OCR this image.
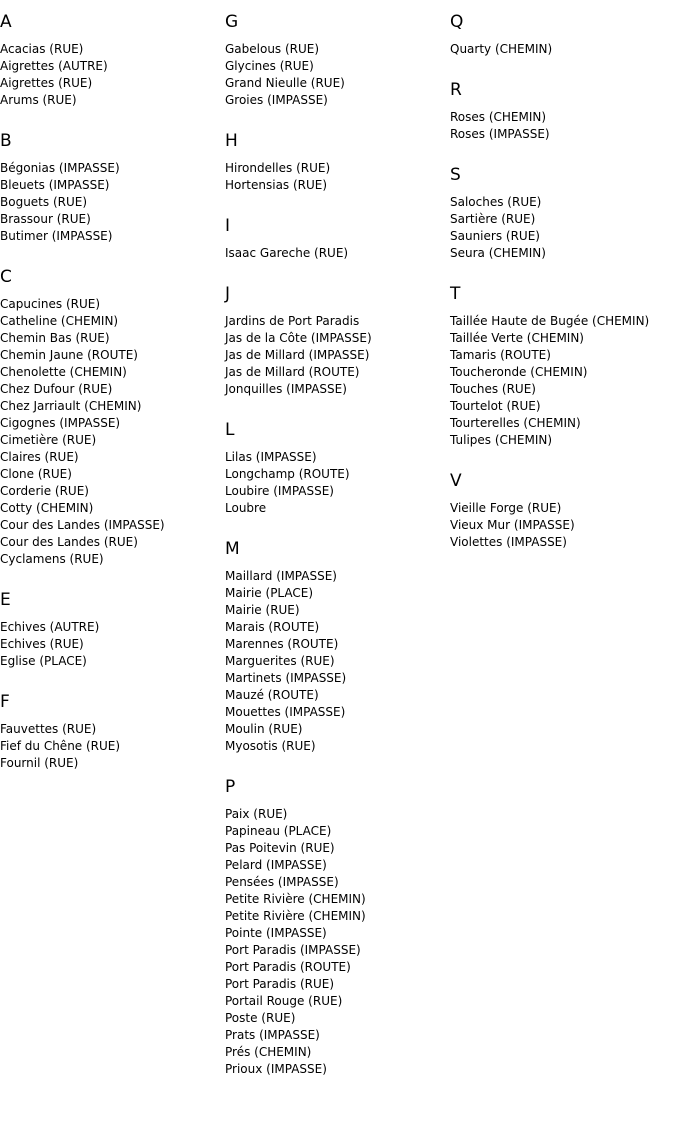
A
Acacias (RUE)
Aigrettes (AUTRE)
Aigrettes (RUE)
Arums (RUE)
B
Bégonias (IMPASSE)
Bleuets (IMPASSE)
Boguets (RUE)
Brassour (RUE)
Butimer (IMPASSE)
C
Capucines (RUE)
Catheline (CHEMIN)
Chemin Bas (RUE)
Chemin Jaune (ROUTE)
Chenolette (CHEMIN)
Chez Dufour (RUE)
Chez Jarriault (CHEMIN)
Cigognes (IMPASSE)
Cimetière (RUE)
Claires (RUE)
Clone (RUE)
Corderie (RUE)
Cotty (CHEMIN)
Cour des Landes (IMPASSE)
Cour des Landes (RUE)
Cyclamens (RUE)
E
Echives (AUTRE)
Echives (RUE)
Eglise (PLACE)
F
Fauvettes (RUE)
Fief du Chêne (RUE)
Fournil (RUE)
G
Gabelous (RUE)
Glycines (RUE)
Grand Nieulle (RUE)
Groies (IMPASSE)
H
Hirondelles (RUE)
Hortensias (RUE)
I
Isaac Gareche (RUE)
J
Jardins de Port Paradis
Jas de la Côte (IMPASSE)
Jas de Millard (IMPASSE)
Jas de Millard (ROUTE)
Jonquilles (IMPASSE)
L
Lilas (IMPASSE)
Longchamp (ROUTE)
Loubire (IMPASSE)
Loubre
M
Maillard (IMPASSE)
Mairie (PLACE)
Mairie (RUE)
Marais (ROUTE)
Marennes (ROUTE)
Marguerites (RUE)
Martinets (IMPASSE)
Mauzé (ROUTE)
Mouettes (IMPASSE)
Moulin (RUE)
Myosotis (RUE)
P
Paix (RUE)
Papineau (PLACE)
Pas Poitevin (RUE)
Pelard (IMPASSE)
Pensées (IMPASSE)
Petite Rivière (CHEMIN)
Petite Rivière (CHEMIN)
Pointe (IMPASSE)
Port Paradis (IMPASSE)
Port Paradis (ROUTE)
Port Paradis (RUE)
Portail Rouge (RUE)
Poste (RUE)
Prats (IMPASSE)
Prés (CHEMIN)
Prioux (IMPASSE)
Q
Quarty (CHEMIN)
R
Roses (CHEMIN)
Roses (IMPASSE)
S
Saloches (RUE)
Sartière (RUE)
Sauniers (RUE)
Seura (CHEMIN)
T
Taillée Haute de Bugée (CHEMIN)
Taillée Verte (CHEMIN)
Tamaris (ROUTE)
Toucheronde (CHEMIN)
Touches (RUE)
Tourtelot (RUE)
Tourterelles (CHEMIN)
Tulipes (CHEMIN)
V
Vieille Forge (RUE)
Vieux Mur (IMPASSE)
Violettes (IMPASSE)
